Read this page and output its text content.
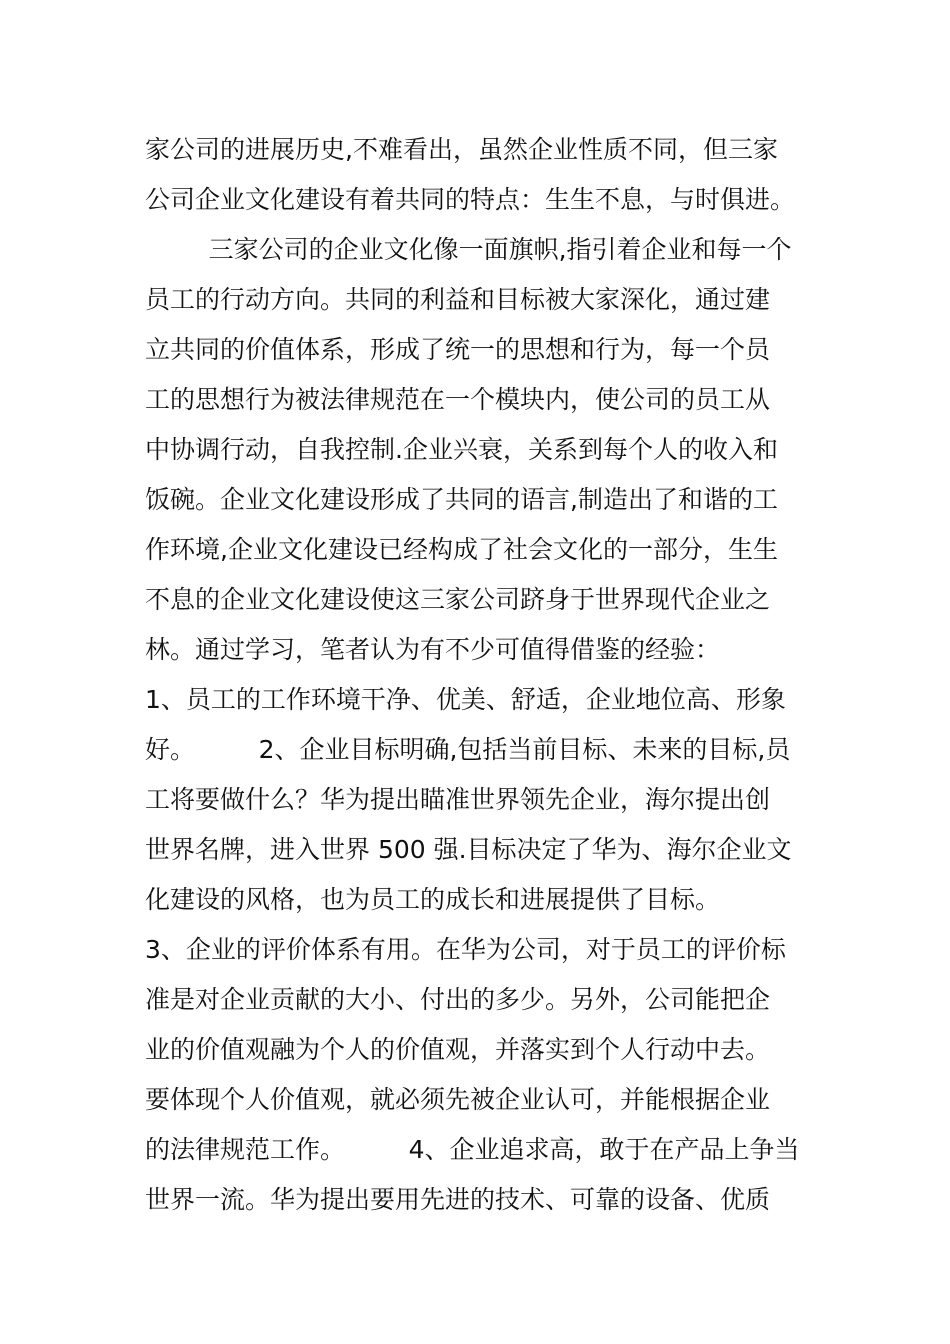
家公司的进展历史,不难看出，虽然企业性质不同，但三家
公司企业文化建设有着共同的特点：生生不息，与时俱进。
三家公司的企业文化像一面旗帜,指引着企业和每一个
员工的行动方向。共同的利益和目标被大家深化，通过建
立共同的价值体系，形成了统一的思想和行为，每一个员
工的思想行为被法律规范在一个模块内，使公司的员工从
中协调行动，自我控制.企业兴衰，关系到每个人的收入和
饭碗。企业文化建设形成了共同的语言,制造出了和谐的工
作环境,企业文化建设已经构成了社会文化的一部分，生生
不息的企业文化建设使这三家公司跻身于世界现代企业之
林。通过学习，笔者认为有不少可值得借鉴的经验：
1、员工的工作环境干净、优美、舒适，企业地位高、形象
好。        2、企业目标明确,包括当前目标、未来的目标,员
工将要做什么？华为提出瞄准世界领先企业，海尔提出创
世界名牌，进入世界 500 强.目标决定了华为、海尔企业文
化建设的风格，也为员工的成长和进展提供了目标。
3、企业的评价体系有用。在华为公司，对于员工的评价标
准是对企业贡献的大小、付出的多少。另外，公司能把企
业的价值观融为个人的价值观，并落实到个人行动中去。
要体现个人价值观，就必须先被企业认可，并能根据企业
的法律规范工作。        4、企业追求高，敢于在产品上争当
世界一流。华为提出要用先进的技术、可靠的设备、优质
